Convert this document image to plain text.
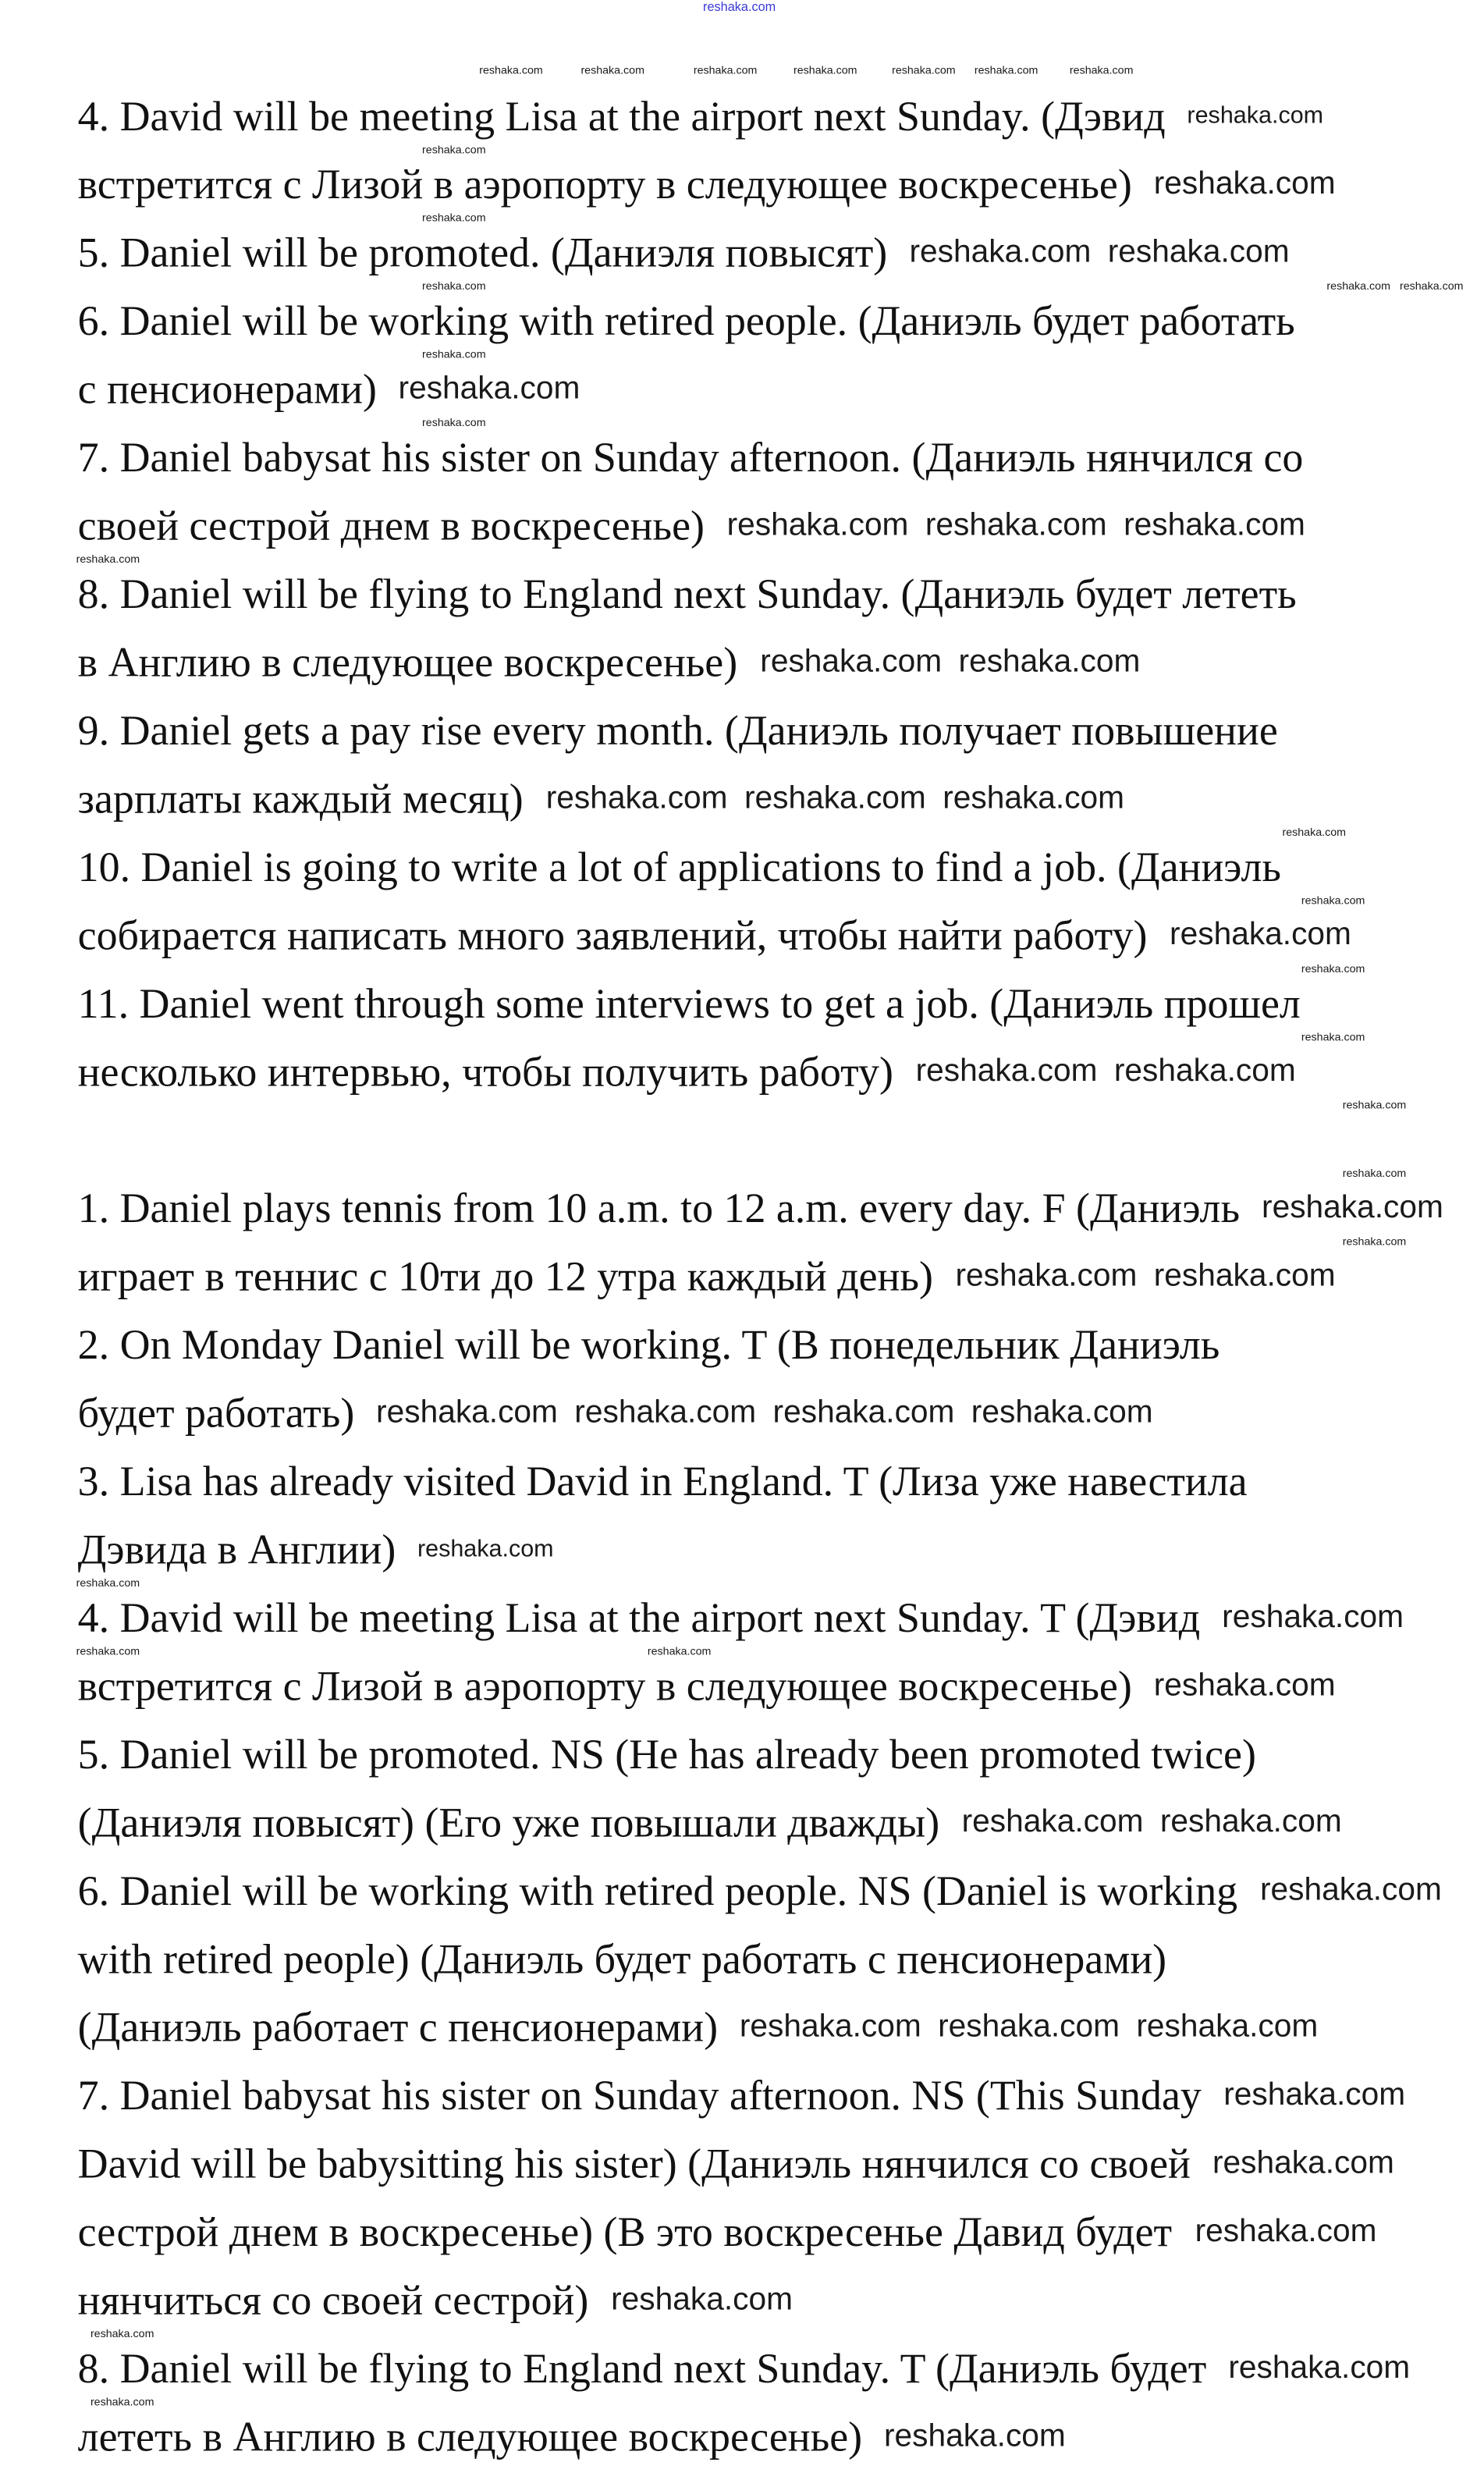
reshaka.com
4. David will be meeting Lisa at the airport next Sunday. (Дэвид
встретится с Лизой в аэропорту в следующее воскресенье)
5. Daniel will be promoted. (Даниэля повысят)
6. Daniel will be working with retired people. (Даниэль будет работать
с пенсионерами)
7. Daniel babysat his sister on Sunday afternoon. (Даниэль нянчился со
своей сестрой днем в воскресенье)
8. Daniel will be flying to England next Sunday. (Даниэль будет лететь
в Англию в следующее воскресенье)
9. Daniel gets a pay rise every month. (Даниэль получает повышение
зарплаты каждый месяц)
10. Daniel is going to write a lot of applications to find a job. (Даниэль
собирается написать много заявлений, чтобы найти работу)
11. Daniel went through some interviews to get a job. (Даниэль прошел
несколько интервью, чтобы получить работу)
1. Daniel plays tennis from 10 a.m. to 12 a.m. every day. F (Даниэль
играет в теннис с 10ти до 12 утра каждый день)
2. On Monday Daniel will be working. T (В понедельник Даниэль
будет работать)
3. Lisa has already visited David in England. T (Лиза уже навестила
Дэвида в Англии)
4. David will be meeting Lisa at the airport next Sunday. T (Дэвид
встретится с Лизой в аэропорту в следующее воскресенье)
5. Daniel will be promoted. NS (He has already been promoted twice)
(Даниэля повысят) (Его уже повышали дважды)
6. Daniel will be working with retired people. NS (Daniel is working
with retired people) (Даниэль будет работать с пенсионерами)
(Даниэль работает с пенсионерами)
7. Daniel babysat his sister on Sunday afternoon. NS (This Sunday
David will be babysitting his sister) (Даниэль нянчился со своей
сестрой днем в воскресенье) (В это воскресенье Давид будет
нянчиться со своей сестрой)
8. Daniel will be flying to England next Sunday. T (Даниэль будет
лететь в Англию в следующее воскресенье)
reshaka.com
reshaka.com
reshaka.com
reshaka.com reshaka.com
reshaka.com
reshaka.com reshaka.com reshaka.com
reshaka.com reshaka.com
reshaka.com reshaka.com reshaka.com
reshaka.com
reshaka.com reshaka.com
reshaka.com
reshaka.com reshaka.com
reshaka.com reshaka.com reshaka.com reshaka.com
reshaka.com
reshaka.com
reshaka.com reshaka.com
reshaka.com
reshaka.com reshaka.com reshaka.com
reshaka.com
reshaka.com
reshaka.com
reshaka.com
reshaka.com
reshaka.com
reshaka.com
reshaka.com
reshaka.com
reshaka.com
reshaka.com
reshaka.com
reshaka.com
reshaka.com
reshaka.com	reshaka.com
reshaka.com reshaka.com
reshaka.com
reshaka.com
reshaka.com
reshaka.com
reshaka.com
reshaka.com
reshaka.com
reshaka.com
reshaka.com	reshaka.com	reshaka.com	reshaka.com	reshaka.com	reshaka.com	reshaka.com
